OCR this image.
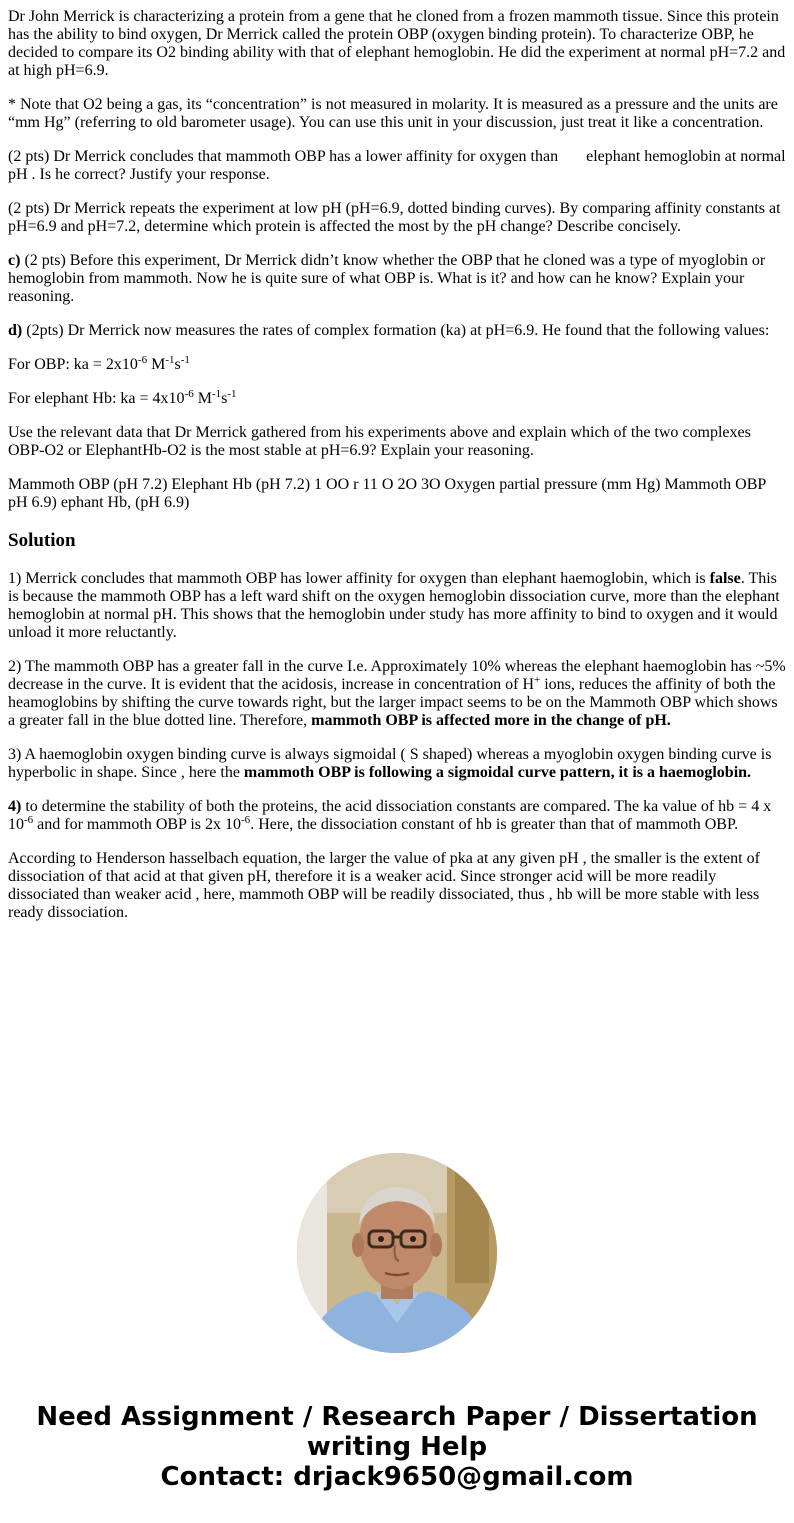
Dr John Merrick is characterizing a protein from a gene that he cloned from a frozen mammoth tissue. Since this protein has the ability to bind oxygen, Dr Merrick called the protein OBP (oxygen binding protein). To characterize OBP, he decided to compare its O2 binding ability with that of elephant hemoglobin. He did the experiment at normal pH=7.2 and at high pH=6.9.

* Note that O2 being a gas, its “concentration” is not measured in molarity. It is measured as a pressure and the units are “mm Hg” (referring to old barometer usage). You can use this unit in your discussion, just treat it like a concentration.

(2 pts) Dr Merrick concludes that mammoth OBP has a lower affinity for oxygen than elephant hemoglobin at normal pH . Is he correct? Justify your response.

(2 pts) Dr Merrick repeats the experiment at low pH (pH=6.9, dotted binding curves). By comparing affinity constants at pH=6.9 and pH=7.2, determine which protein is affected the most by the pH change? Describe concisely.

c) (2 pts) Before this experiment, Dr Merrick didn’t know whether the OBP that he cloned was a type of myoglobin or hemoglobin from mammoth. Now he is quite sure of what OBP is. What is it? and how can he know? Explain your reasoning.

d) (2pts) Dr Merrick now measures the rates of complex formation (ka) at pH=6.9. He found that the following values:

For OBP: ka = $2x10^{-6}$ $M^{-1}s^{-1}$

For elephant Hb: ka = $4x10^{-6}$ $M^{-1}s^{-1}$

Use the relevant data that Dr Merrick gathered from his experiments above and explain which of the two complexes OBP-O2 or ElephantHb-O2 is the most stable at pH=6.9? Explain your reasoning.

Mammoth OBP (pH 7.2) Elephant Hb (pH 7.2) 1 OO r 11 O 2O 3O Oxygen partial pressure (mm Hg) Mammoth OBP pH 6.9) ephant Hb, (pH 6.9)

Solution

1) Merrick concludes that mammoth OBP has lower affinity for oxygen than elephant haemoglobin, which is false. This is because the mammoth OBP has a left ward shift on the oxygen hemoglobin dissociation curve, more than the elephant hemoglobin at normal pH. This shows that the hemoglobin under study has more affinity to bind to oxygen and it would unload it more reluctantly.

2) The mammoth OBP has a greater fall in the curve I.e. Approximately 10% whereas the elephant haemoglobin has ~5% decrease in the curve. It is evident that the acidosis, increase in concentration of H+ ions, reduces the affinity of both the heamoglobins by shifting the curve towards right, but the larger impact seems to be on the Mammoth OBP which shows a greater fall in the blue dotted line. Therefore, mammoth OBP is affected more in the change of pH.

3) A haemoglobin oxygen binding curve is always sigmoidal ( S shaped) whereas a myoglobin oxygen binding curve is hyperbolic in shape. Since , here the mammoth OBP is following a sigmoidal curve pattern, it is a haemoglobin.

4) to determine the stability of both the proteins, the acid dissociation constants are compared. The ka value of hb = 4 x $10^{-6}$ and for mammoth OBP is 2x $10^{-6}$. Here, the dissociation constant of hb is greater than that of mammoth OBP.

According to Henderson hasselbach equation, the larger the value of pka at any given pH , the smaller is the extent of dissociation of that acid at that given pH, therefore it is a weaker acid. Since stronger acid will be more readily dissociated than weaker acid , here, mammoth OBP will be readily dissociated, thus , hb will be more stable with less ready dissociation.

Need Assignment / Research Paper / Dissertation
writing Help
Contact: drjack9650@gmail.com
